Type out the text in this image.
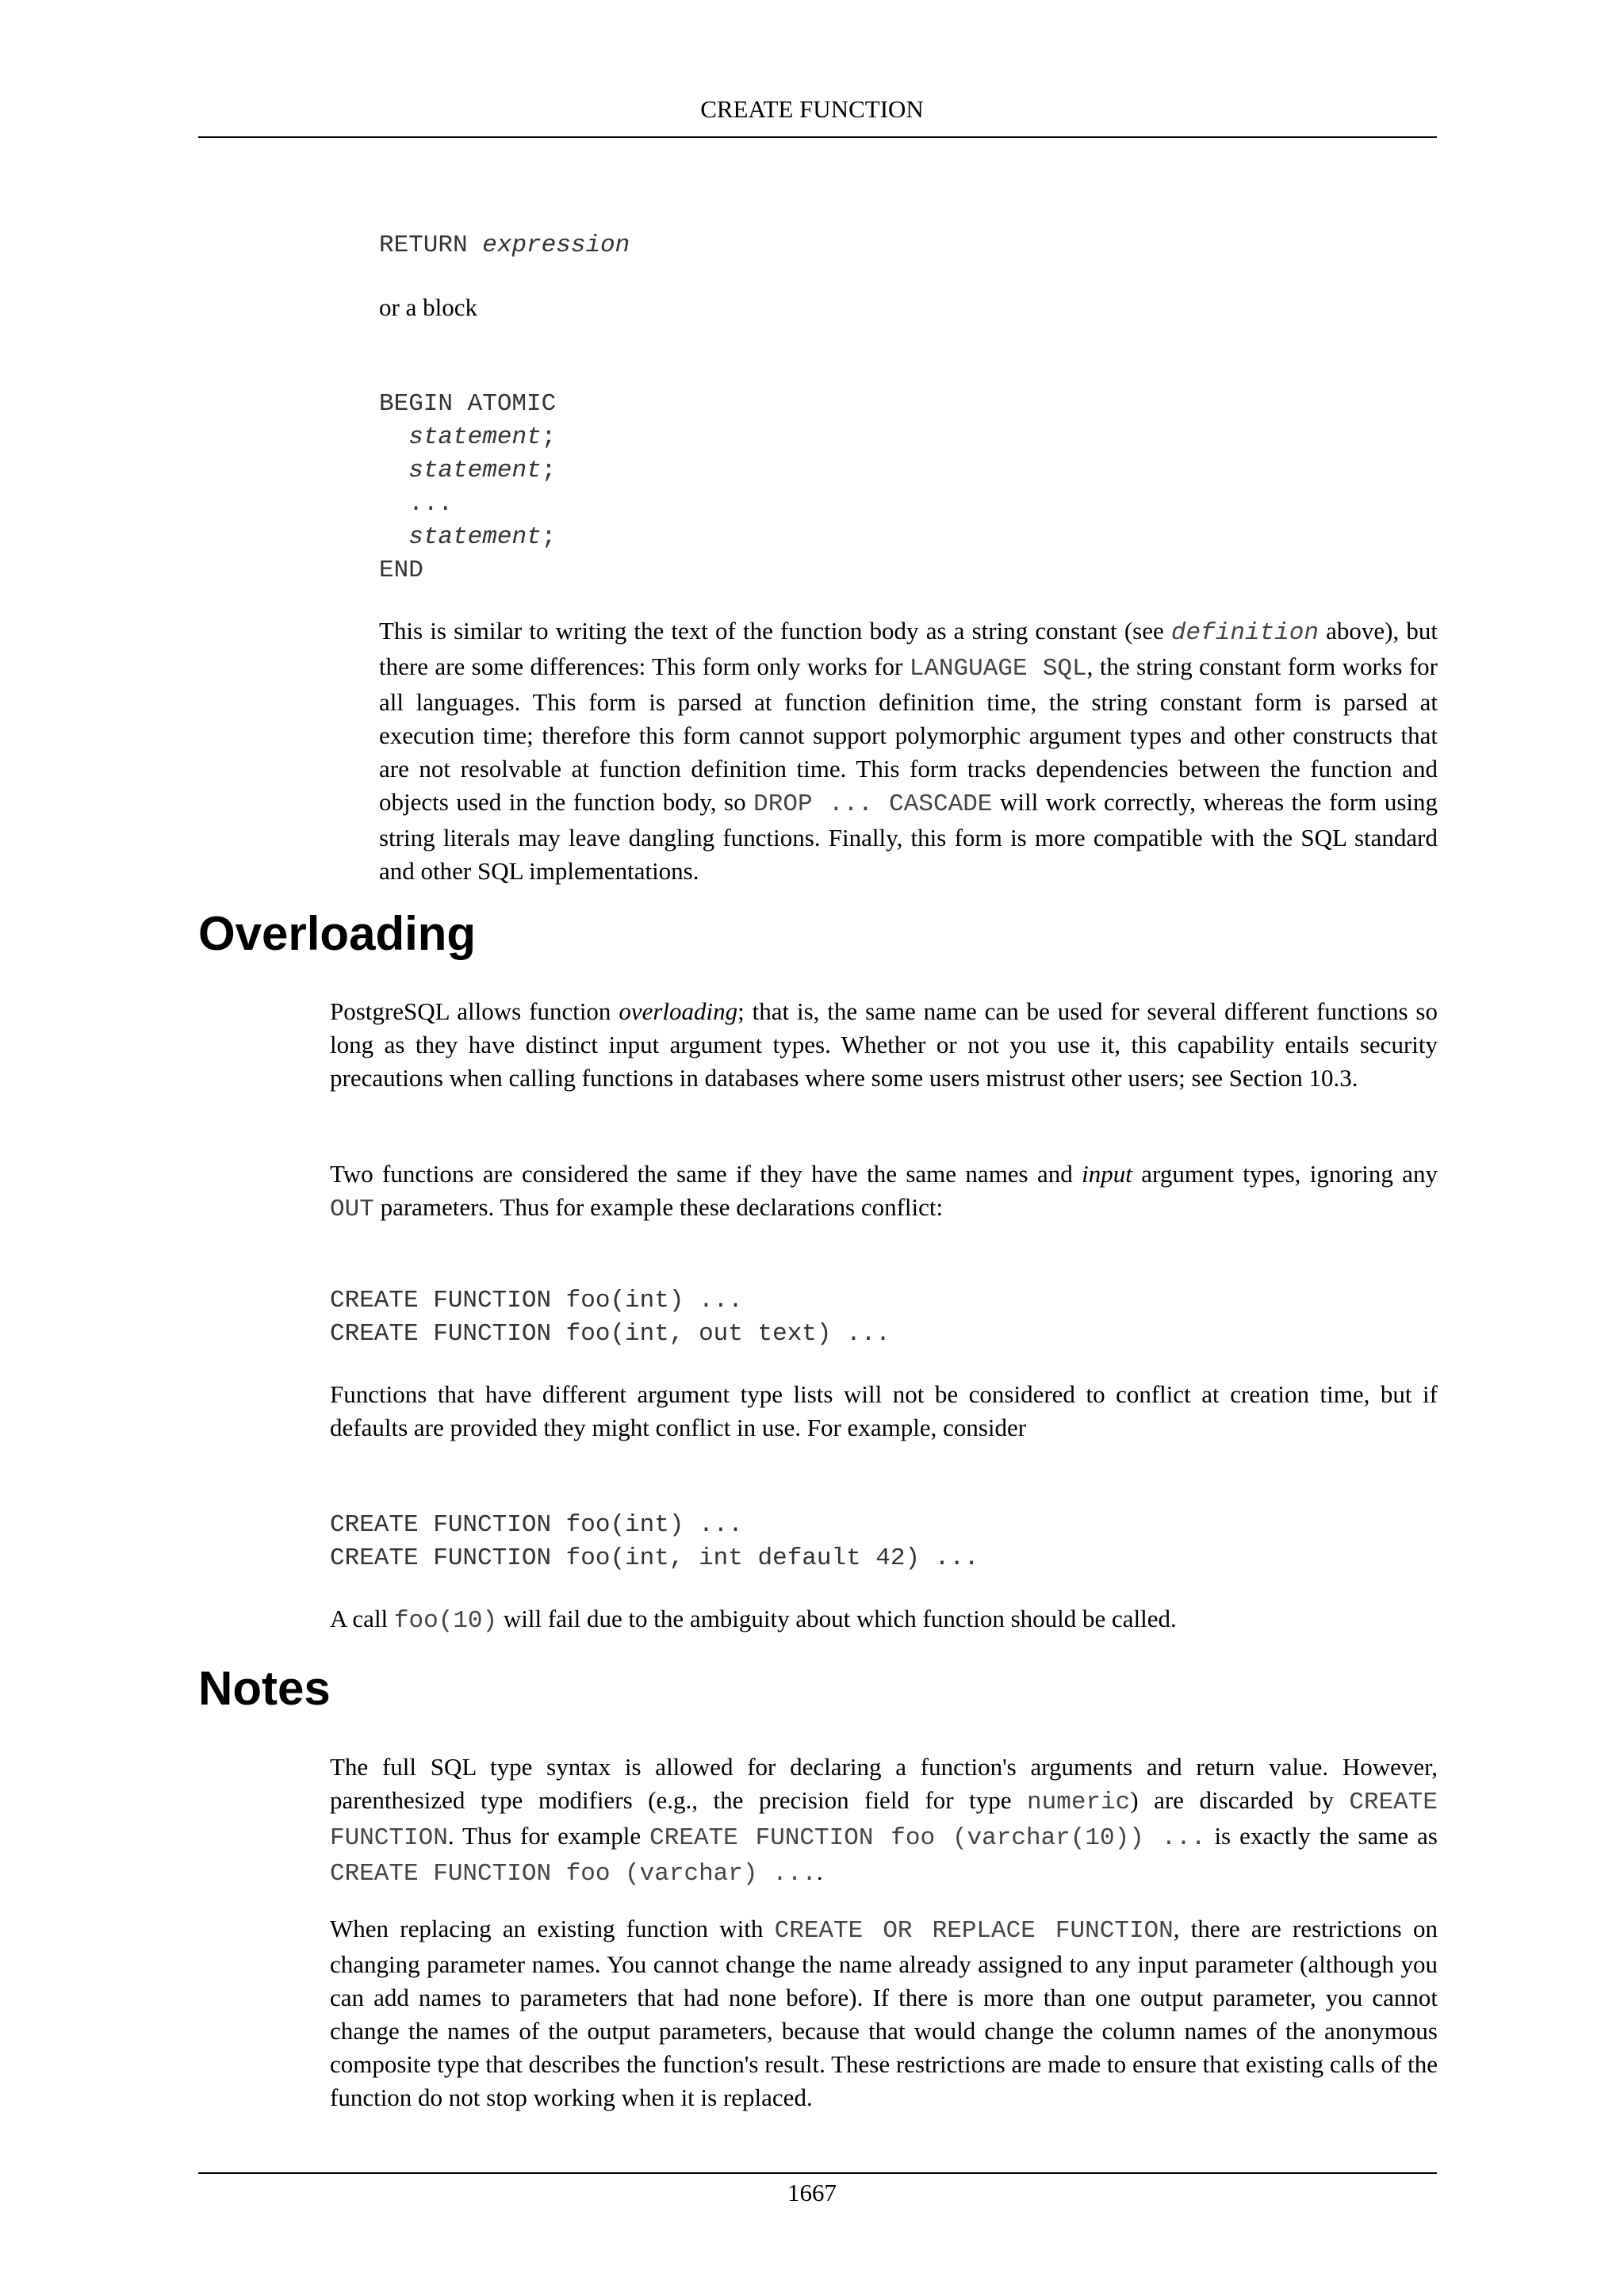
CREATE FUNCTION
RETURN expression

or a block

BEGIN ATOMIC
statement;
statement;
...
statement;
END

This is similar to writing the text of the function body as a string constant (see definition above), but there are some differences: This form only works for LANGUAGE SQL, the string constant form works for all languages. This form is parsed at function definition time, the string constant form is parsed at execution time; therefore this form cannot support polymorphic argument types and other constructs that are not resolvable at function definition time. This form tracks dependencies between the function and objects used in the function body, so DROP ... CASCADE will work correctly, whereas the form using string literals may leave dangling functions. Finally, this form is more compatible with the SQL standard and other SQL implementations.

Overloading

PostgreSQL allows function overloading; that is, the same name can be used for several different functions so long as they have distinct input argument types. Whether or not you use it, this capability entails security precautions when calling functions in databases where some users mistrust other users; see Section 10.3.

Two functions are considered the same if they have the same names and input argument types, ignoring any OUT parameters. Thus for example these declarations conflict:

CREATE FUNCTION foo(int) ...
CREATE FUNCTION foo(int, out text) ...

Functions that have different argument type lists will not be considered to conflict at creation time, but if defaults are provided they might conflict in use. For example, consider

CREATE FUNCTION foo(int) ...
CREATE FUNCTION foo(int, int default 42) ...

A call foo(10) will fail due to the ambiguity about which function should be called.

Notes

The full SQL type syntax is allowed for declaring a function's arguments and return value. However, parenthesized type modifiers (e.g., the precision field for type numeric) are discarded by CREATE FUNCTION. Thus for example CREATE FUNCTION foo (varchar(10)) ... is exactly the same as CREATE FUNCTION foo (varchar) ....

When replacing an existing function with CREATE OR REPLACE FUNCTION, there are restrictions on changing parameter names. You cannot change the name already assigned to any input parameter (although you can add names to parameters that had none before). If there is more than one output parameter, you cannot change the names of the output parameters, because that would change the column names of the anonymous composite type that describes the function's result. These restrictions are made to ensure that existing calls of the function do not stop working when it is replaced.

1667
